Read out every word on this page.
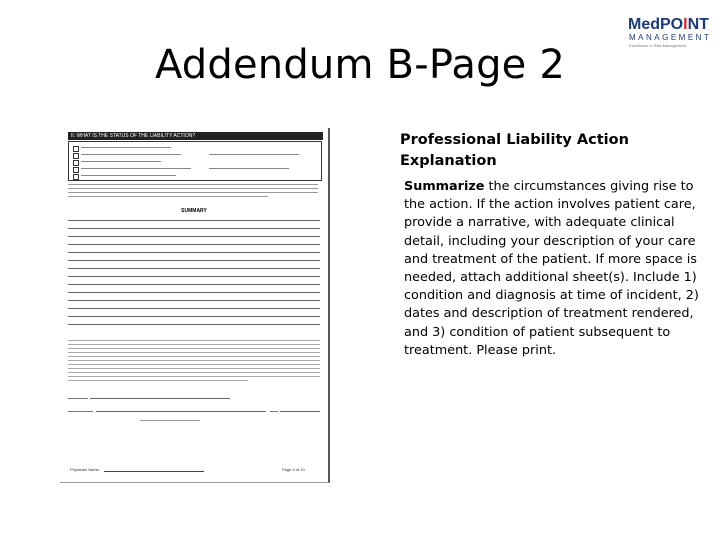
Addendum B-Page 2
MedPOINT
MANAGEMENT
Excellence in Risk Management
II. WHAT IS THE STATUS OF THE LIABILITY ACTION?
SUMMARY
Physician Name:	Page 4 of 10

Professional Liability Action Explanation

Summarize the circumstances giving rise to the action. If the action involves patient care, provide a narrative, with adequate clinical detail, including your description of your care and treatment of the patient. If more space is needed, attach additional sheet(s). Include 1) condition and diagnosis at time of incident, 2) dates and description of treatment rendered, and 3) condition of patient subsequent to treatment. Please print.
